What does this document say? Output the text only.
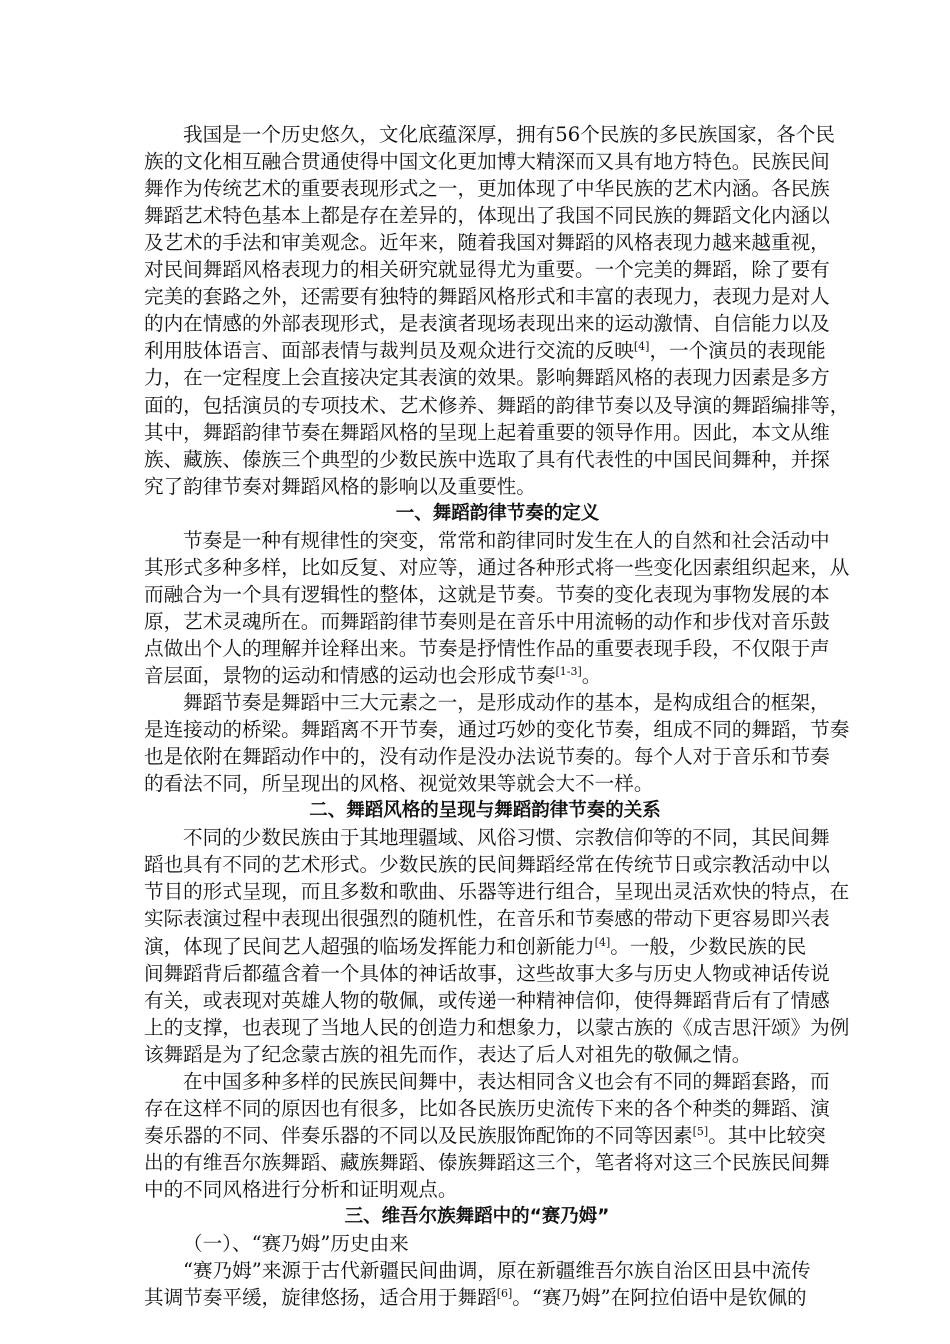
我国是一个历史悠久，文化底蕴深厚，拥有56个民族的多民族国家，各个民
族的文化相互融合贯通使得中国文化更加博大精深而又具有地方特色。民族民间
舞作为传统艺术的重要表现形式之一，更加体现了中华民族的艺术内涵。各民族
舞蹈艺术特色基本上都是存在差异的，体现出了我国不同民族的舞蹈文化内涵以
及艺术的手法和审美观念。近年来，随着我国对舞蹈的风格表现力越来越重视，
对民间舞蹈风格表现力的相关研究就显得尤为重要。一个完美的舞蹈，除了要有
完美的套路之外，还需要有独特的舞蹈风格形式和丰富的表现力，表现力是对人
的内在情感的外部表现形式，是表演者现场表现出来的运动激情、自信能力以及
利用肢体语言、面部表情与裁判员及观众进行交流的反映[4]，一个演员的表现能
力，在一定程度上会直接决定其表演的效果。影响舞蹈风格的表现力因素是多方
面的，包括演员的专项技术、艺术修养、舞蹈的韵律节奏以及导演的舞蹈编排等，
其中，舞蹈韵律节奏在舞蹈风格的呈现上起着重要的领导作用。因此，本文从维
族、藏族、傣族三个典型的少数民族中选取了具有代表性的中国民间舞种，并探
究了韵律节奏对舞蹈风格的影响以及重要性。
一、舞蹈韵律节奏的定义
节奏是一种有规律性的突变，常常和韵律同时发生在人的自然和社会活动中
其形式多种多样，比如反复、对应等，通过各种形式将一些变化因素组织起来，从
而融合为一个具有逻辑性的整体，这就是节奏。节奏的变化表现为事物发展的本
原，艺术灵魂所在。而舞蹈韵律节奏则是在音乐中用流畅的动作和步伐对音乐鼓
点做出个人的理解并诠释出来。节奏是抒情性作品的重要表现手段，不仅限于声
音层面，景物的运动和情感的运动也会形成节奏[1-3]。
舞蹈节奏是舞蹈中三大元素之一，是形成动作的基本，是构成组合的框架，
是连接动的桥梁。舞蹈离不开节奏，通过巧妙的变化节奏，组成不同的舞蹈，节奏
也是依附在舞蹈动作中的，没有动作是没办法说节奏的。每个人对于音乐和节奏
的看法不同，所呈现出的风格、视觉效果等就会大不一样。
二、舞蹈风格的呈现与舞蹈韵律节奏的关系
不同的少数民族由于其地理疆域、风俗习惯、宗教信仰等的不同，其民间舞
蹈也具有不同的艺术形式。少数民族的民间舞蹈经常在传统节日或宗教活动中以
节目的形式呈现，而且多数和歌曲、乐器等进行组合，呈现出灵活欢快的特点，在
实际表演过程中表现出很强烈的随机性，在音乐和节奏感的带动下更容易即兴表
演，体现了民间艺人超强的临场发挥能力和创新能力[4]。一般，少数民族的民
间舞蹈背后都蕴含着一个具体的神话故事，这些故事大多与历史人物或神话传说
有关，或表现对英雄人物的敬佩，或传递一种精神信仰，使得舞蹈背后有了情感
上的支撑，也表现了当地人民的创造力和想象力，以蒙古族的《成吉思汗颂》为例
该舞蹈是为了纪念蒙古族的祖先而作，表达了后人对祖先的敬佩之情。
在中国多种多样的民族民间舞中，表达相同含义也会有不同的舞蹈套路，而
存在这样不同的原因也有很多，比如各民族历史流传下来的各个种类的舞蹈、演
奏乐器的不同、伴奏乐器的不同以及民族服饰配饰的不同等因素[5]。其中比较突
出的有维吾尔族舞蹈、藏族舞蹈、傣族舞蹈这三个，笔者将对这三个民族民间舞
中的不同风格进行分析和证明观点。
三、维吾尔族舞蹈中的“赛乃姆”
（一）、“赛乃姆”历史由来
“赛乃姆”来源于古代新疆民间曲调，原在新疆维吾尔族自治区田县中流传
其调节奏平缓，旋律悠扬，适合用于舞蹈[6]。“赛乃姆”在阿拉伯语中是钦佩的
